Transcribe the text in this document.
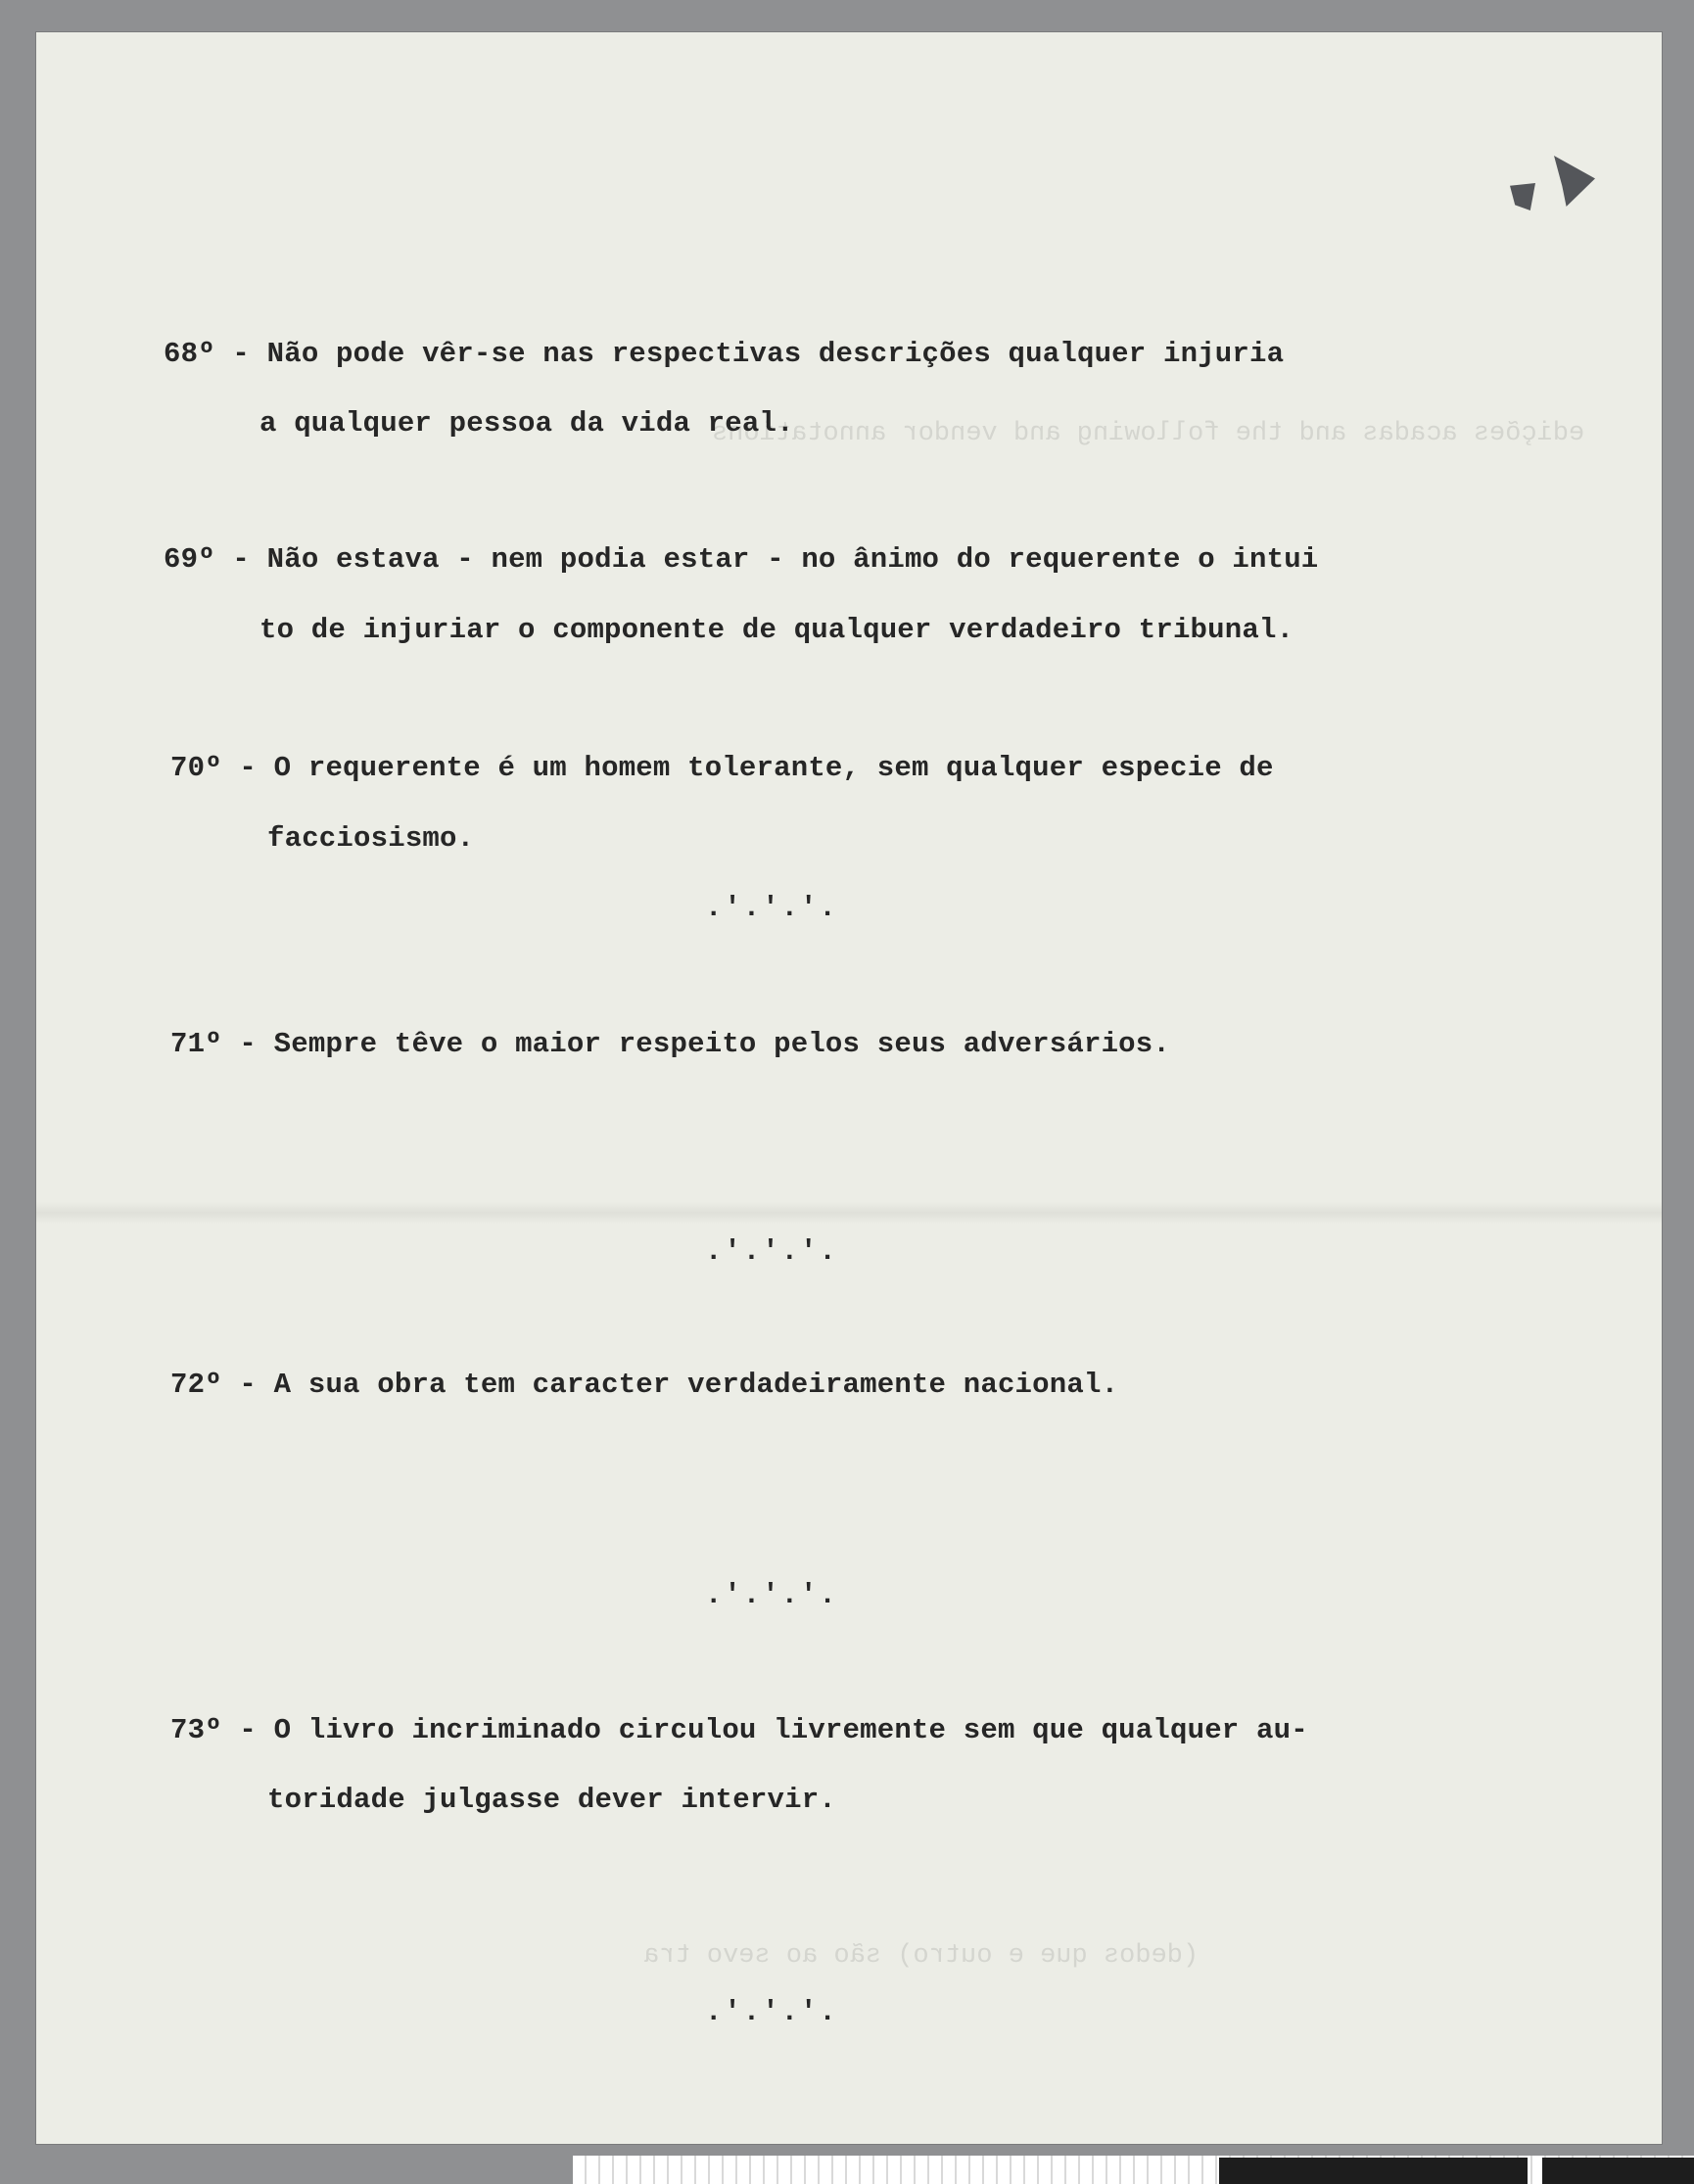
edições acadas and the following and vendor annotations
(dedos que e outro) são ao sevo tra
68º - Não pode vêr-se nas respectivas descrições qualquer injuria
a qualquer pessoa da vida real.
69º - Não estava - nem podia estar - no ânimo do requerente o intui
to de injuriar o componente de qualquer verdadeiro tribunal.
70º - O requerente é um homem tolerante, sem qualquer especie de
facciosismo.
.'.'.'.
71º - Sempre têve o maior respeito pelos seus adversários.
.'.'.'.
72º - A sua obra tem caracter verdadeiramente nacional.
.'.'.'.
73º - O livro incriminado circulou livremente sem que qualquer au-
toridade julgasse dever intervir.
.'.'.'.
